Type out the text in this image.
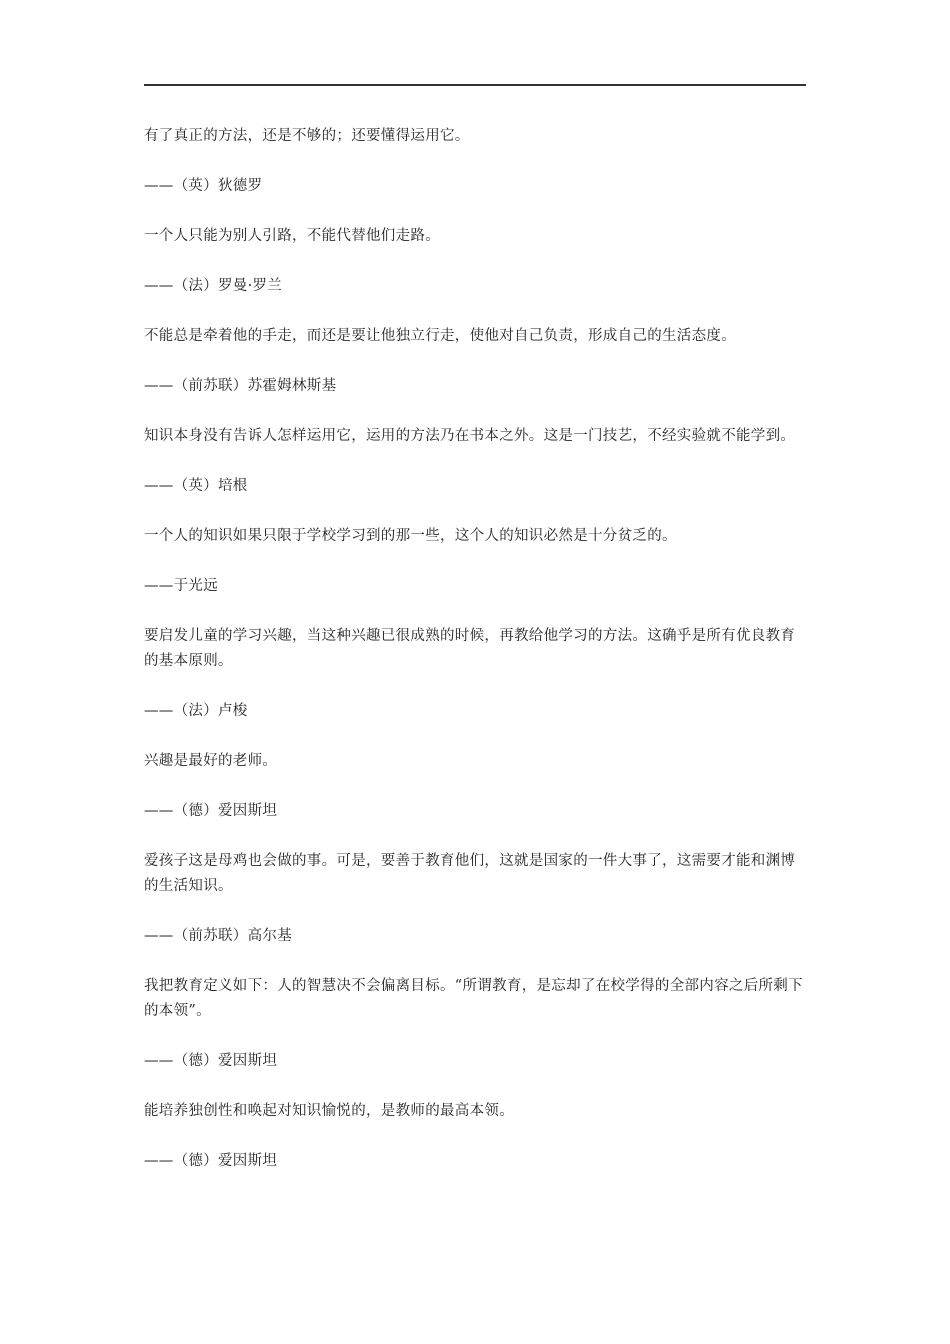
有了真正的方法，还是不够的；还要懂得运用它。

——（英）狄德罗

一个人只能为别人引路，不能代替他们走路。

——（法）罗曼·罗兰

不能总是牵着他的手走，而还是要让他独立行走，使他对自己负责，形成自己的生活态度。

——（前苏联）苏霍姆林斯基

知识本身没有告诉人怎样运用它，运用的方法乃在书本之外。这是一门技艺，不经实验就不能学到。

——（英）培根

一个人的知识如果只限于学校学习到的那一些，这个人的知识必然是十分贫乏的。

——于光远

要启发儿童的学习兴趣，当这种兴趣已很成熟的时候，再教给他学习的方法。这确乎是所有优良教育的基本原则。

——（法）卢梭

兴趣是最好的老师。

——（德）爱因斯坦

爱孩子这是母鸡也会做的事。可是，要善于教育他们，这就是国家的一件大事了，这需要才能和渊博的生活知识。

——（前苏联）高尔基

我把教育定义如下：人的智慧决不会偏离目标。“所谓教育，是忘却了在校学得的全部内容之后所剩下的本领”。

——（德）爱因斯坦

能培养独创性和唤起对知识愉悦的，是教师的最高本领。

——（德）爱因斯坦
